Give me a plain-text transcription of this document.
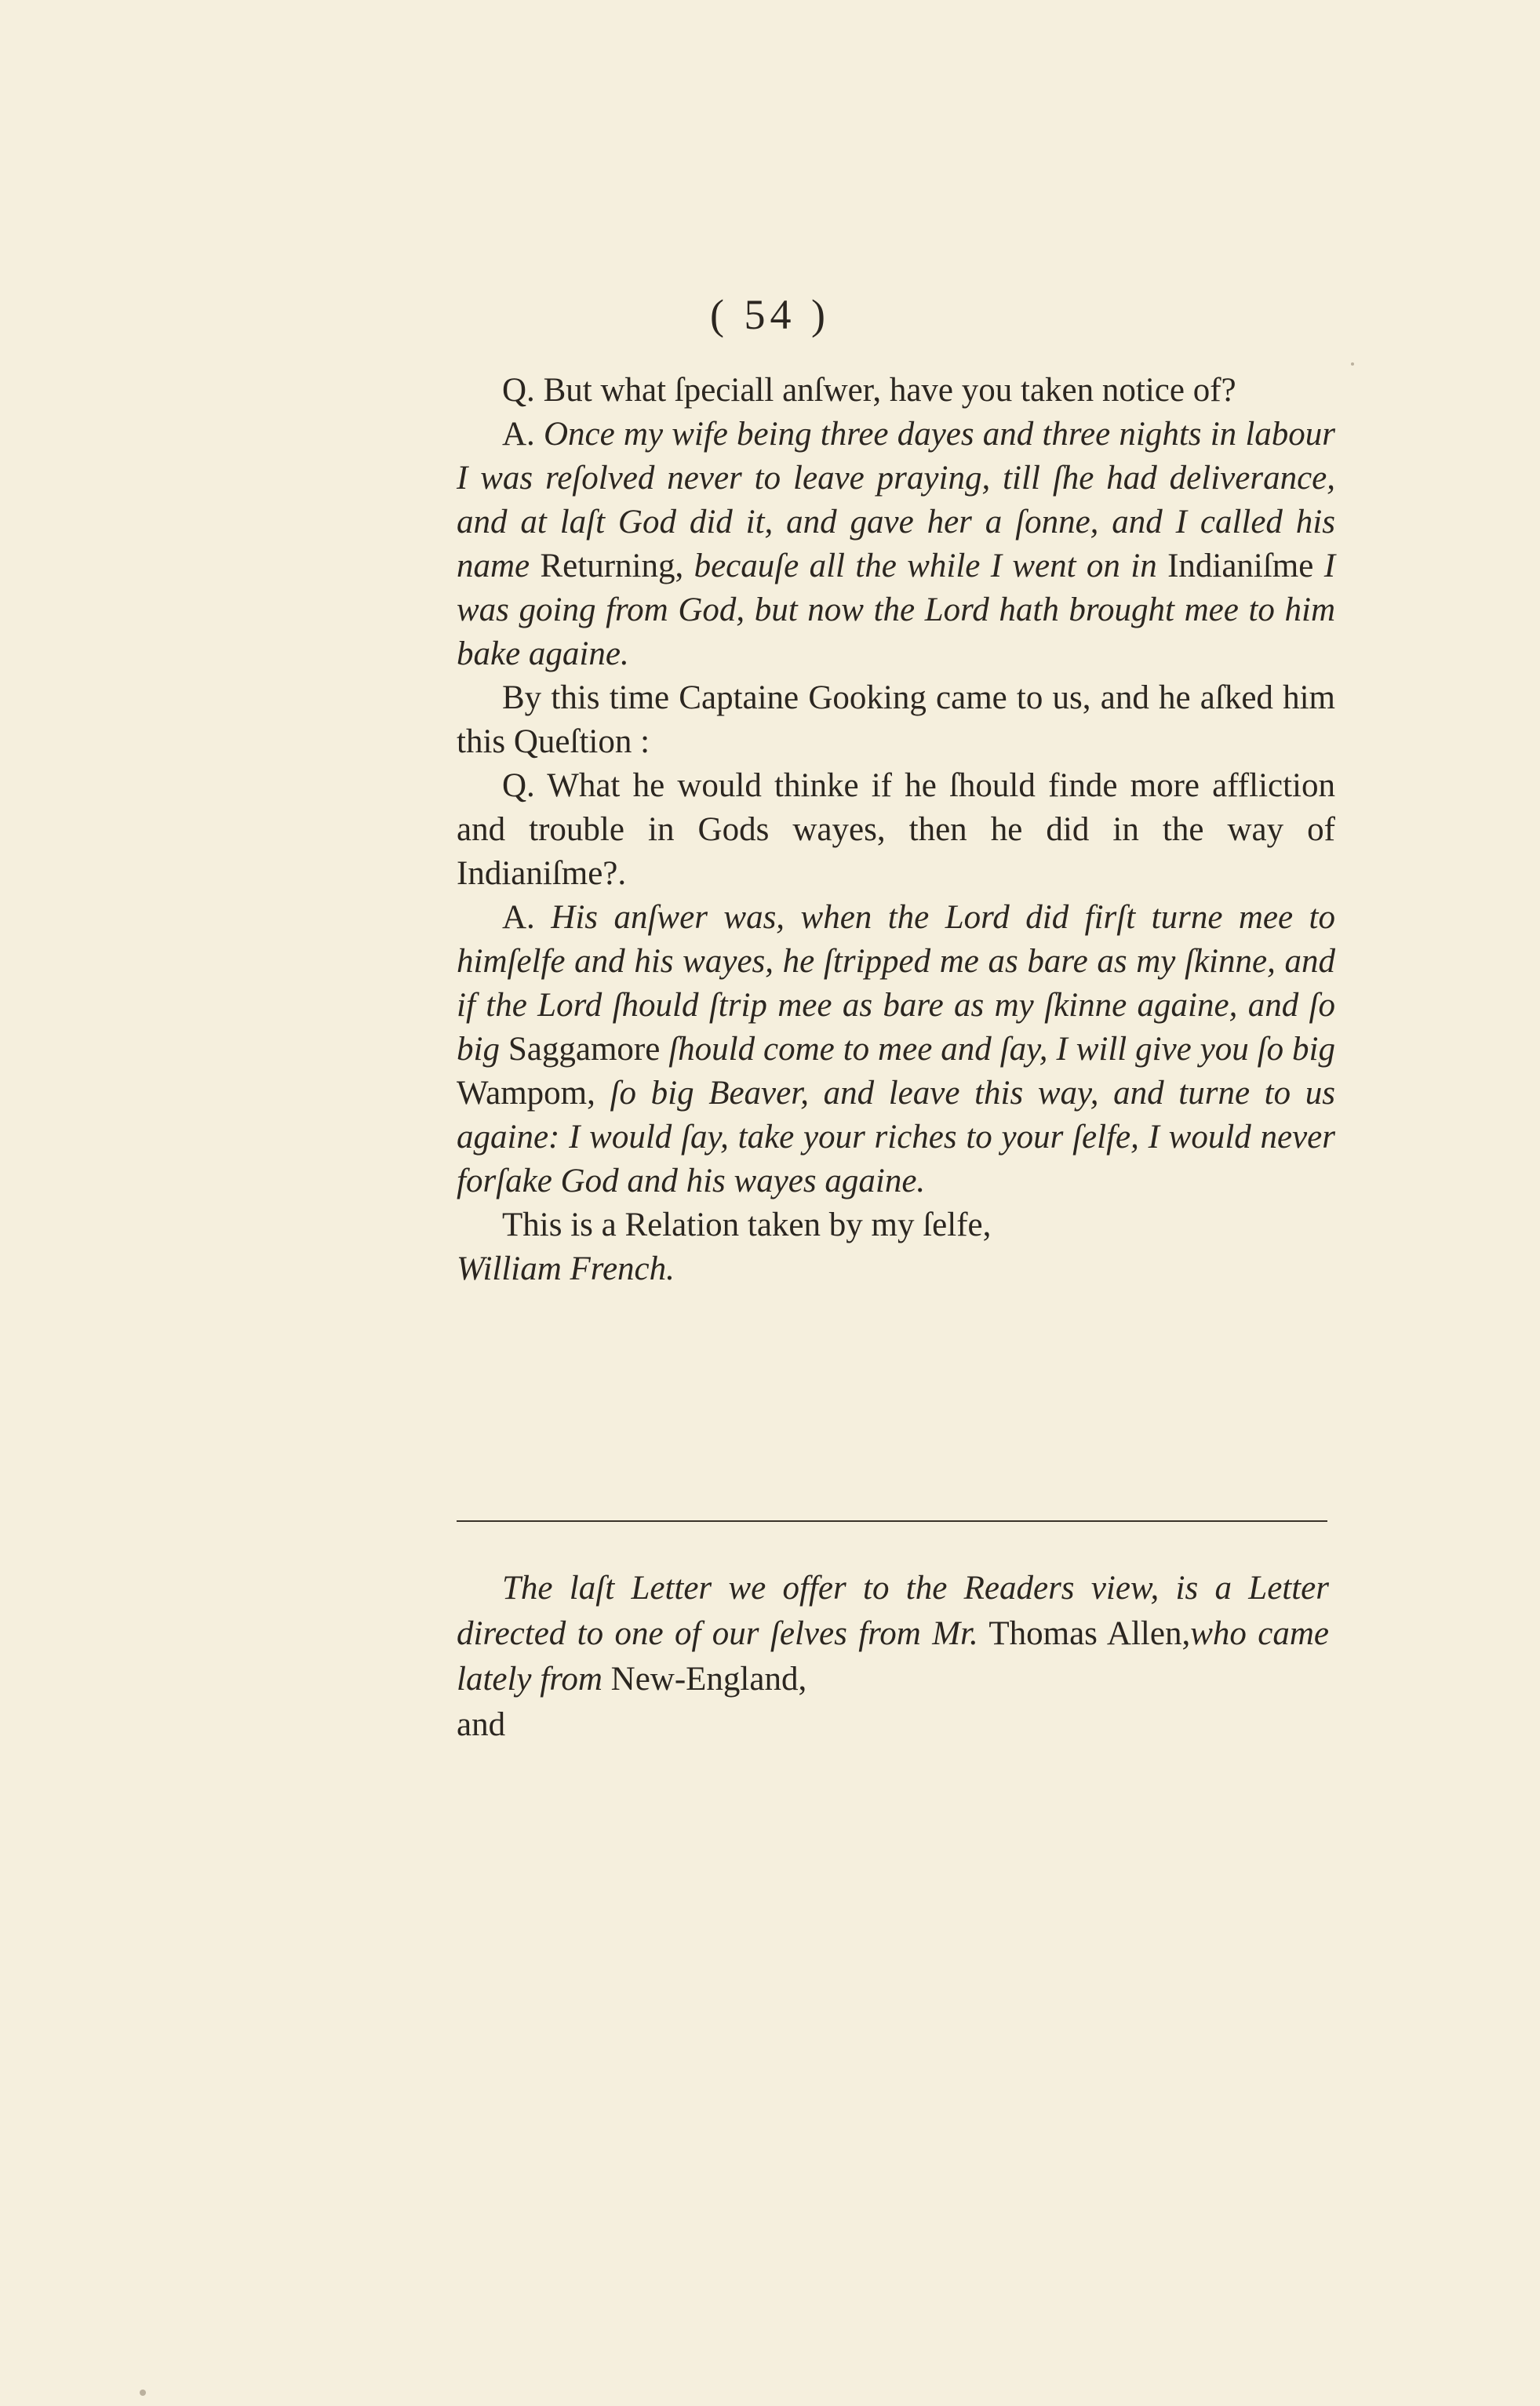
( 54 )

Q. But what ſpeciall anſwer, have you taken notice of?

A. Once my wife being three dayes and three nights in labour I was reſolved never to leave praying, till ſhe had deliverance, and at laſt God did it, and gave her a ſonne, and I called his name Returning, becauſe all the while I went on in Indianiſme I was going from God, but now the Lord hath brought mee to him bake againe.

By this time Captaine Gooking came to us, and he aſked him this Queſtion :

Q. What he would thinke if he ſhould finde more affliction and trouble in Gods wayes, then he did in the way of Indianiſme?.

A. His anſwer was, when the Lord did firſt turne mee to himſelfe and his wayes, he ſtripped me as bare as my ſkinne, and if the Lord ſhould ſtrip mee as bare as my ſkinne againe, and ſo big Saggamore ſhould come to mee and ſay, I will give you ſo big Wampom, ſo big Beaver, and leave this way, and turne to us againe: I would ſay, take your riches to your ſelfe, I would never forſake God and his wayes againe.

This is a Relation taken by my ſelfe,

William French.

The laſt Letter we offer to the Readers view, is a Letter directed to one of our ſelves from Mr. Thomas Allen,who came lately from New-England,

and
